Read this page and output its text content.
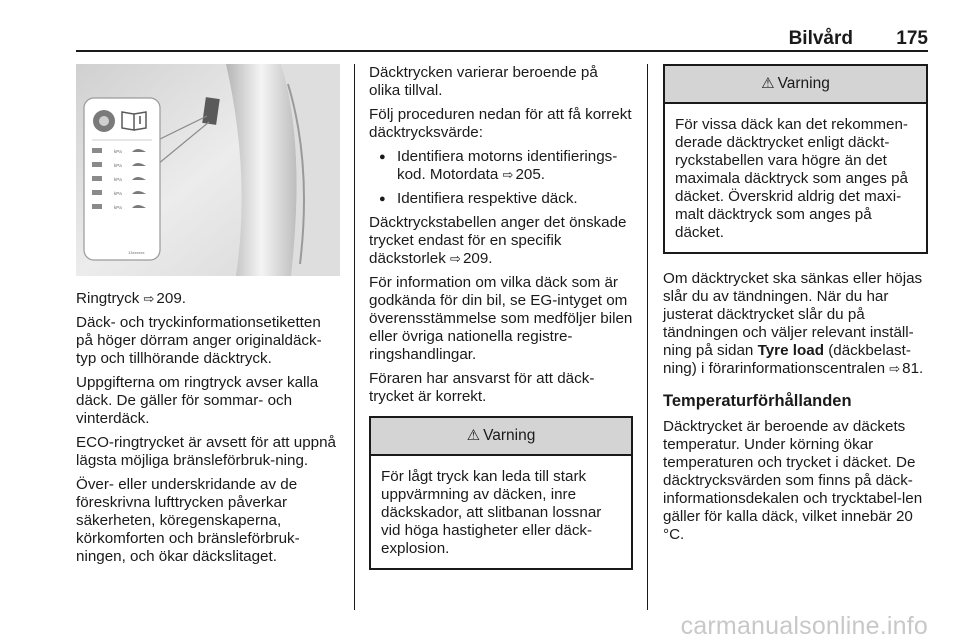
Bilvård 175
kPa
kPa
kPa
kPa
kPa
13xxxxxx

Ringtryck ⇨ 209.

Däck- och tryckinformationsetiketten på höger dörram anger originaldäck-typ och tillhörande däcktryck.

Uppgifterna om ringtryck avser kalla däck. De gäller för sommar- och vinterdäck.

ECO-ringtrycket är avsett för att uppnå lägsta möjliga bränsleförbruk-ning.

Över- eller underskridande av de föreskrivna lufttrycken påverkar säkerheten, köregenskaperna, körkomforten och bränsleförbruk-ningen, och ökar däckslitaget.

Däcktrycken varierar beroende på olika tillval.

Följ proceduren nedan för att få korrekt däcktrycksvärde:

● Identifiera motorns identifierings-kod. Motordata ⇨ 205.
● Identifiera respektive däck.

Däcktryckstabellen anger det önskade trycket endast för en specifik däckstorlek ⇨ 209.

För information om vilka däck som är godkända för din bil, se EG-intyget om överensstämmelse som medföljer bilen eller övriga nationella registre-ringshandlingar.

Föraren har ansvarst för att däck-trycket är korrekt.

⚠ Varning
För lågt tryck kan leda till stark uppvärmning av däcken, inre däckskador, att slitbanan lossnar vid höga hastigheter eller däck-explosion.
⚠ Varning
För vissa däck kan det rekommen-derade däcktrycket enligt däckt-ryckstabellen vara högre än det maximala däcktryck som anges på däcket. Överskrid aldrig det maxi-malt däcktryck som anges på däcket.

Om däcktrycket ska sänkas eller höjas slår du av tändningen. När du har justerat däcktrycket slår du på tändningen och väljer relevant inställ-ning på sidan Tyre load (däckbelast-ning) i förarinformationscentralen ⇨ 81.

Temperaturförhållanden

Däcktrycket är beroende av däckets temperatur. Under körning ökar temperaturen och trycket i däcket. De däcktrycksvärden som finns på däck-informationsdekalen och trycktabel-len gäller för kalla däck, vilket innebär 20 °C.

carmanualsonline.info
